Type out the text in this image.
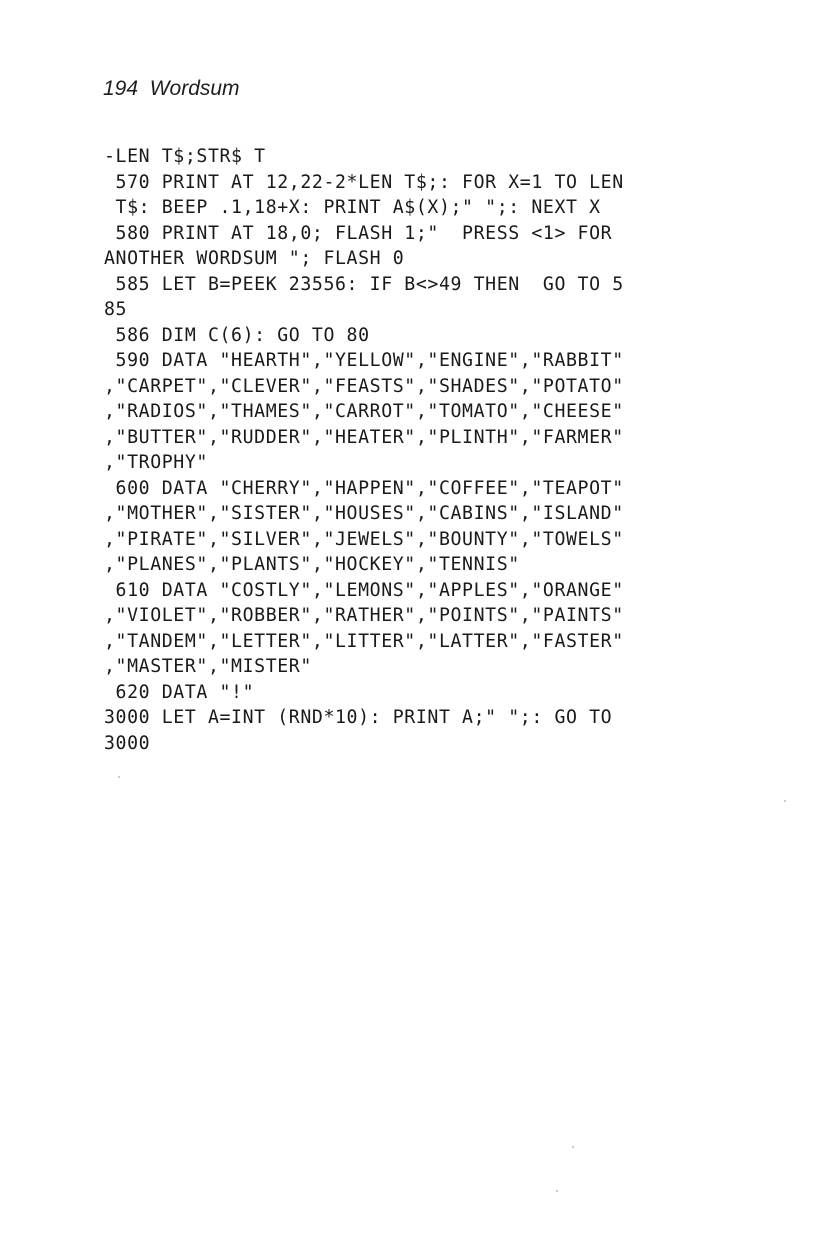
194  Wordsum
-LEN T$;STR$ T
570 PRINT AT 12,22-2*LEN T$;: FOR X=1 TO LEN
T$: BEEP .1,18+X: PRINT A$(X);" ";: NEXT X
580 PRINT AT 18,0; FLASH 1;"  PRESS <1> FOR
ANOTHER WORDSUM "; FLASH 0
585 LET B=PEEK 23556: IF B<>49 THEN  GO TO 5
85
586 DIM C(6): GO TO 80
590 DATA "HEARTH","YELLOW","ENGINE","RABBIT"
,"CARPET","CLEVER","FEASTS","SHADES","POTATO"
,"RADIOS","THAMES","CARROT","TOMATO","CHEESE"
,"BUTTER","RUDDER","HEATER","PLINTH","FARMER"
,"TROPHY"
600 DATA "CHERRY","HAPPEN","COFFEE","TEAPOT"
,"MOTHER","SISTER","HOUSES","CABINS","ISLAND"
,"PIRATE","SILVER","JEWELS","BOUNTY","TOWELS"
,"PLANES","PLANTS","HOCKEY","TENNIS"
610 DATA "COSTLY","LEMONS","APPLES","ORANGE"
,"VIOLET","ROBBER","RATHER","POINTS","PAINTS"
,"TANDEM","LETTER","LITTER","LATTER","FASTER"
,"MASTER","MISTER"
620 DATA "!"
3000 LET A=INT (RND*10): PRINT A;" ";: GO TO
3000
